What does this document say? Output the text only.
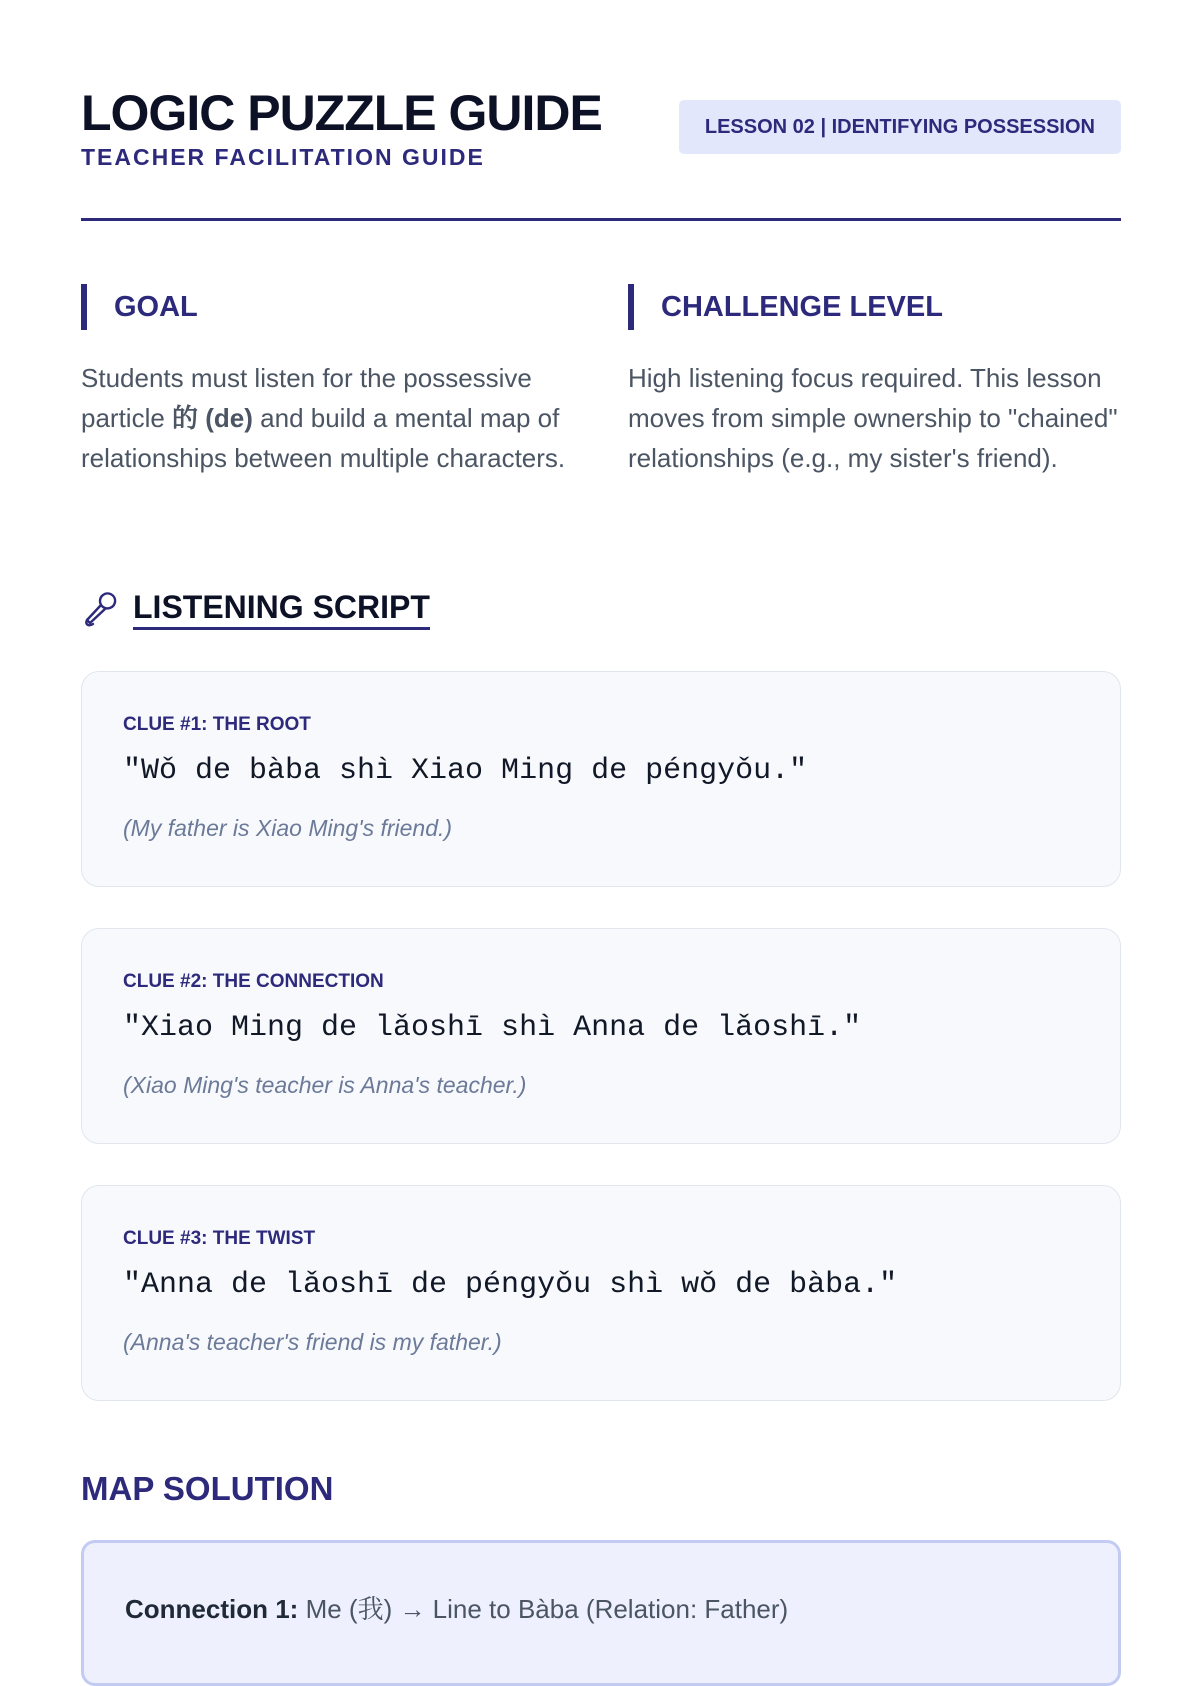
LOGIC PUZZLE GUIDE
TEACHER FACILITATION GUIDE
LESSON 02 | IDENTIFYING POSSESSION
GOAL

Students must listen for the possessive particle 的 (de) and build a mental map of relationships between multiple characters.

CHALLENGE LEVEL

High listening focus required. This lesson moves from simple ownership to "chained" relationships (e.g., my sister's friend).

LISTENING SCRIPT
CLUE #1: THE ROOT
"Wǒ de bàba shì Xiao Ming de péngyǒu."
(My father is Xiao Ming's friend.)
CLUE #2: THE CONNECTION
"Xiao Ming de lǎoshī shì Anna de lǎoshī."
(Xiao Ming's teacher is Anna's teacher.)
CLUE #3: THE TWIST
"Anna de lǎoshī de péngyǒu shì wǒ de bàba."
(Anna's teacher's friend is my father.)
MAP SOLUTION
Connection 1: Me (我) → Line to Bàba (Relation: Father)
